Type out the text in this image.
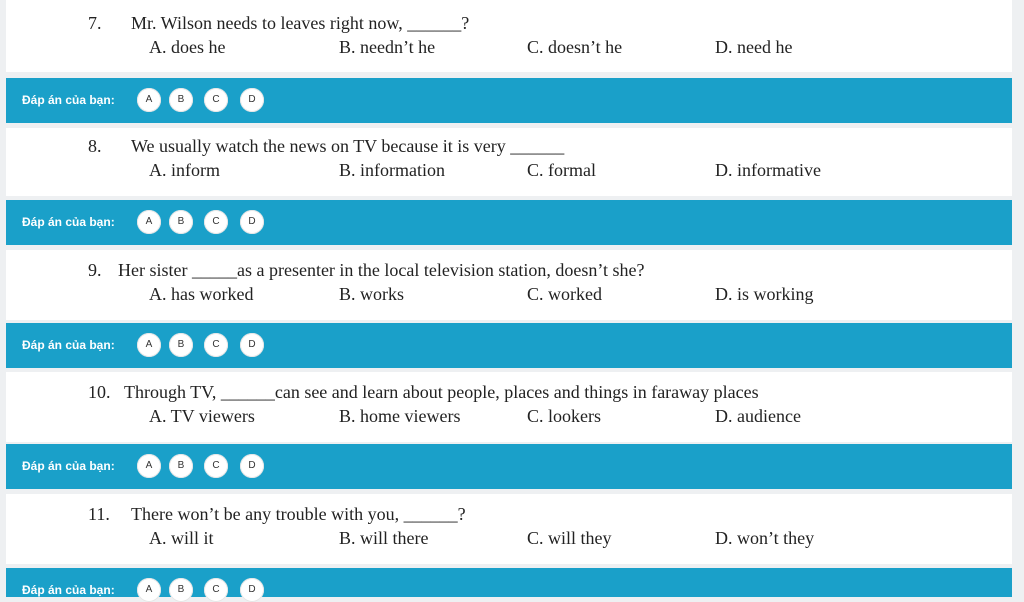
7. Mr. Wilson needs to leaves right now, ______?
A. does he	B. needn’t he	C. doesn’t he	D. need he
Đáp án của bạn:	A	B	C	D
8. We usually watch the news on TV because it is very ______
A. inform	B. information	C. formal	D. informative
Đáp án của bạn:	A	B	C	D
9. Her sister _____as a presenter in the local television station, doesn’t she?
A. has worked	B. works	C. worked	D. is working
Đáp án của bạn:	A	B	C	D
10. Through TV, ______can see and learn about people, places and things in faraway places
A. TV viewers	B. home viewers	C. lookers	D. audience
Đáp án của bạn:	A	B	C	D
11. There won’t be any trouble with you, ______?
A. will it	B. will there	C. will they	D. won’t they
Đáp án của bạn:	A	B	C	D
